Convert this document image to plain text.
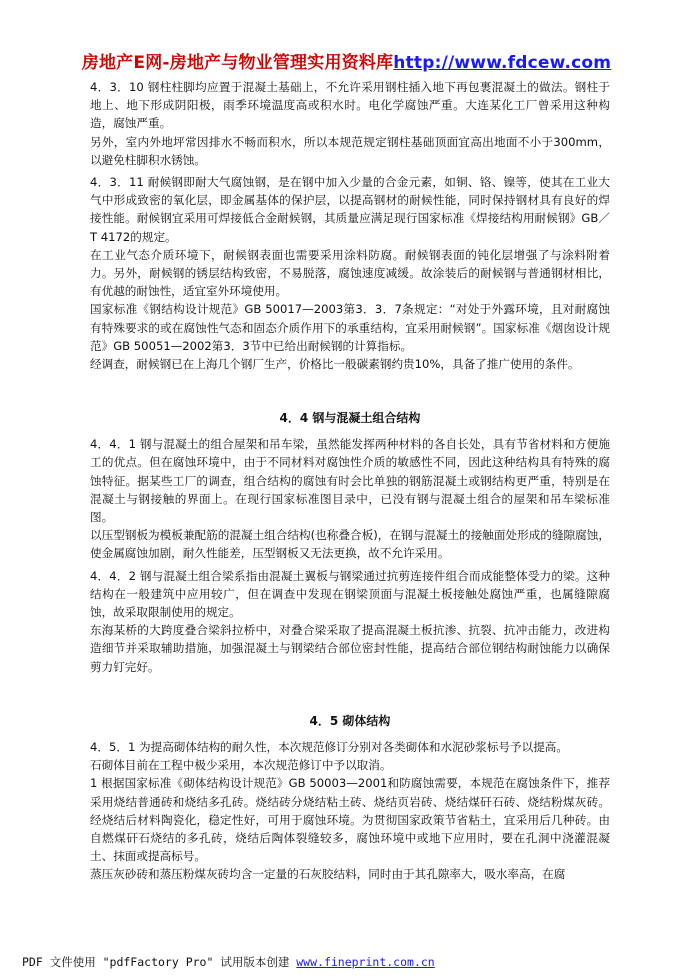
房地产E网-房地产与物业管理实用资料库http://www.fdcew.com

4．3．10 钢柱柱脚均应置于混凝土基础上，不允许采用钢柱插入地下再包裹混凝土的做法。钢柱于地上、地下形成阴阳极，雨季环境温度高或积水时。电化学腐蚀严重。大连某化工厂曾采用这种构造，腐蚀严重。

另外，室内外地坪常因排水不畅而积水，所以本规范规定钢柱基础顶面宜高出地面不小于300mm，以避免柱脚积水锈蚀。

4．3．11 耐候钢即耐大气腐蚀钢，是在钢中加入少量的合金元素，如铜、铬、镍等，使其在工业大气中形成致密的氧化层，即金属基体的保护层，以提高钢材的耐候性能，同时保持钢材具有良好的焊接性能。耐候钢宜采用可焊接低合金耐候钢，其质量应满足现行国家标准《焊接结构用耐候钢》GB／T 4172的规定。

在工业气态介质环境下，耐候钢表面也需要采用涂料防腐。耐候钢表面的钝化层增强了与涂料附着力。另外，耐候钢的锈层结构致密，不易脱落，腐蚀速度减缓。故涂装后的耐候钢与普通钢材相比，有优越的耐蚀性，适宜室外环境使用。

国家标准《钢结构设计规范》GB 50017—2003第3．3．7条规定：“对处于外露环境，且对耐腐蚀有特殊要求的或在腐蚀性气态和固态介质作用下的承重结构，宜采用耐候钢”。国家标准《烟囱设计规范》GB 50051—2002第3．3节中已给出耐候钢的计算指标。

经调查，耐候钢已在上海几个钢厂生产，价格比一般碳素钢约贵10%，具备了推广使用的条件。

4．4 钢与混凝土组合结构

4．4．1 钢与混凝土的组合屋架和吊车梁，虽然能发挥两种材料的各自长处，具有节省材料和方便施工的优点。但在腐蚀环境中，由于不同材料对腐蚀性介质的敏感性不同，因此这种结构具有特殊的腐蚀特征。据某些工厂的调查，组合结构的腐蚀有时会比单独的钢筋混凝土或钢结构更严重，特别是在混凝土与钢接触的界面上。在现行国家标准图目录中，已没有钢与混凝土组合的屋架和吊车梁标准图。

以压型钢板为模板兼配筋的混凝土组合结构(也称叠合板)，在钢与混凝土的接触面处形成的缝隙腐蚀，使金属腐蚀加剧，耐久性能差，压型钢板又无法更换，故不允许采用。

4．4．2 钢与混凝土组合梁系指由混凝土翼板与钢梁通过抗剪连接件组合而成能整体受力的梁。这种结构在一般建筑中应用较广，但在调查中发现在钢梁顶面与混凝土板接触处腐蚀严重，也属缝隙腐蚀，故采取限制使用的规定。

东海某桥的大跨度叠合梁斜拉桥中，对叠合梁采取了提高混凝土板抗渗、抗裂、抗冲击能力，改进构造细节并采取辅助措施，加强混凝土与钢梁结合部位密封性能，提高结合部位钢结构耐蚀能力以确保剪力钉完好。

4．5 砌体结构

4．5．1 为提高砌体结构的耐久性，本次规范修订分别对各类砌体和水泥砂浆标号予以提高。

石砌体目前在工程中极少采用，本次规范修订中予以取消。

1 根据国家标准《砌体结构设计规范》GB 50003—2001和防腐蚀需要，本规范在腐蚀条件下，推荐采用烧结普通砖和烧结多孔砖。烧结砖分烧结粘土砖、烧结页岩砖、烧结煤矸石砖、烧结粉煤灰砖。经烧结后材料陶瓷化，稳定性好，可用于腐蚀环境。为贯彻国家政策节省粘土，宜采用后几种砖。由自燃煤矸石烧结的多孔砖，烧结后陶体裂缝较多，腐蚀环境中或地下应用时，要在孔洞中浇灌混凝土、抹面或提高标号。

蒸压灰砂砖和蒸压粉煤灰砖均含一定量的石灰胶结料，同时由于其孔隙率大，吸水率高，在腐

PDF 文件使用 "pdfFactory Pro" 试用版本创建 www.fineprint.com.cn
